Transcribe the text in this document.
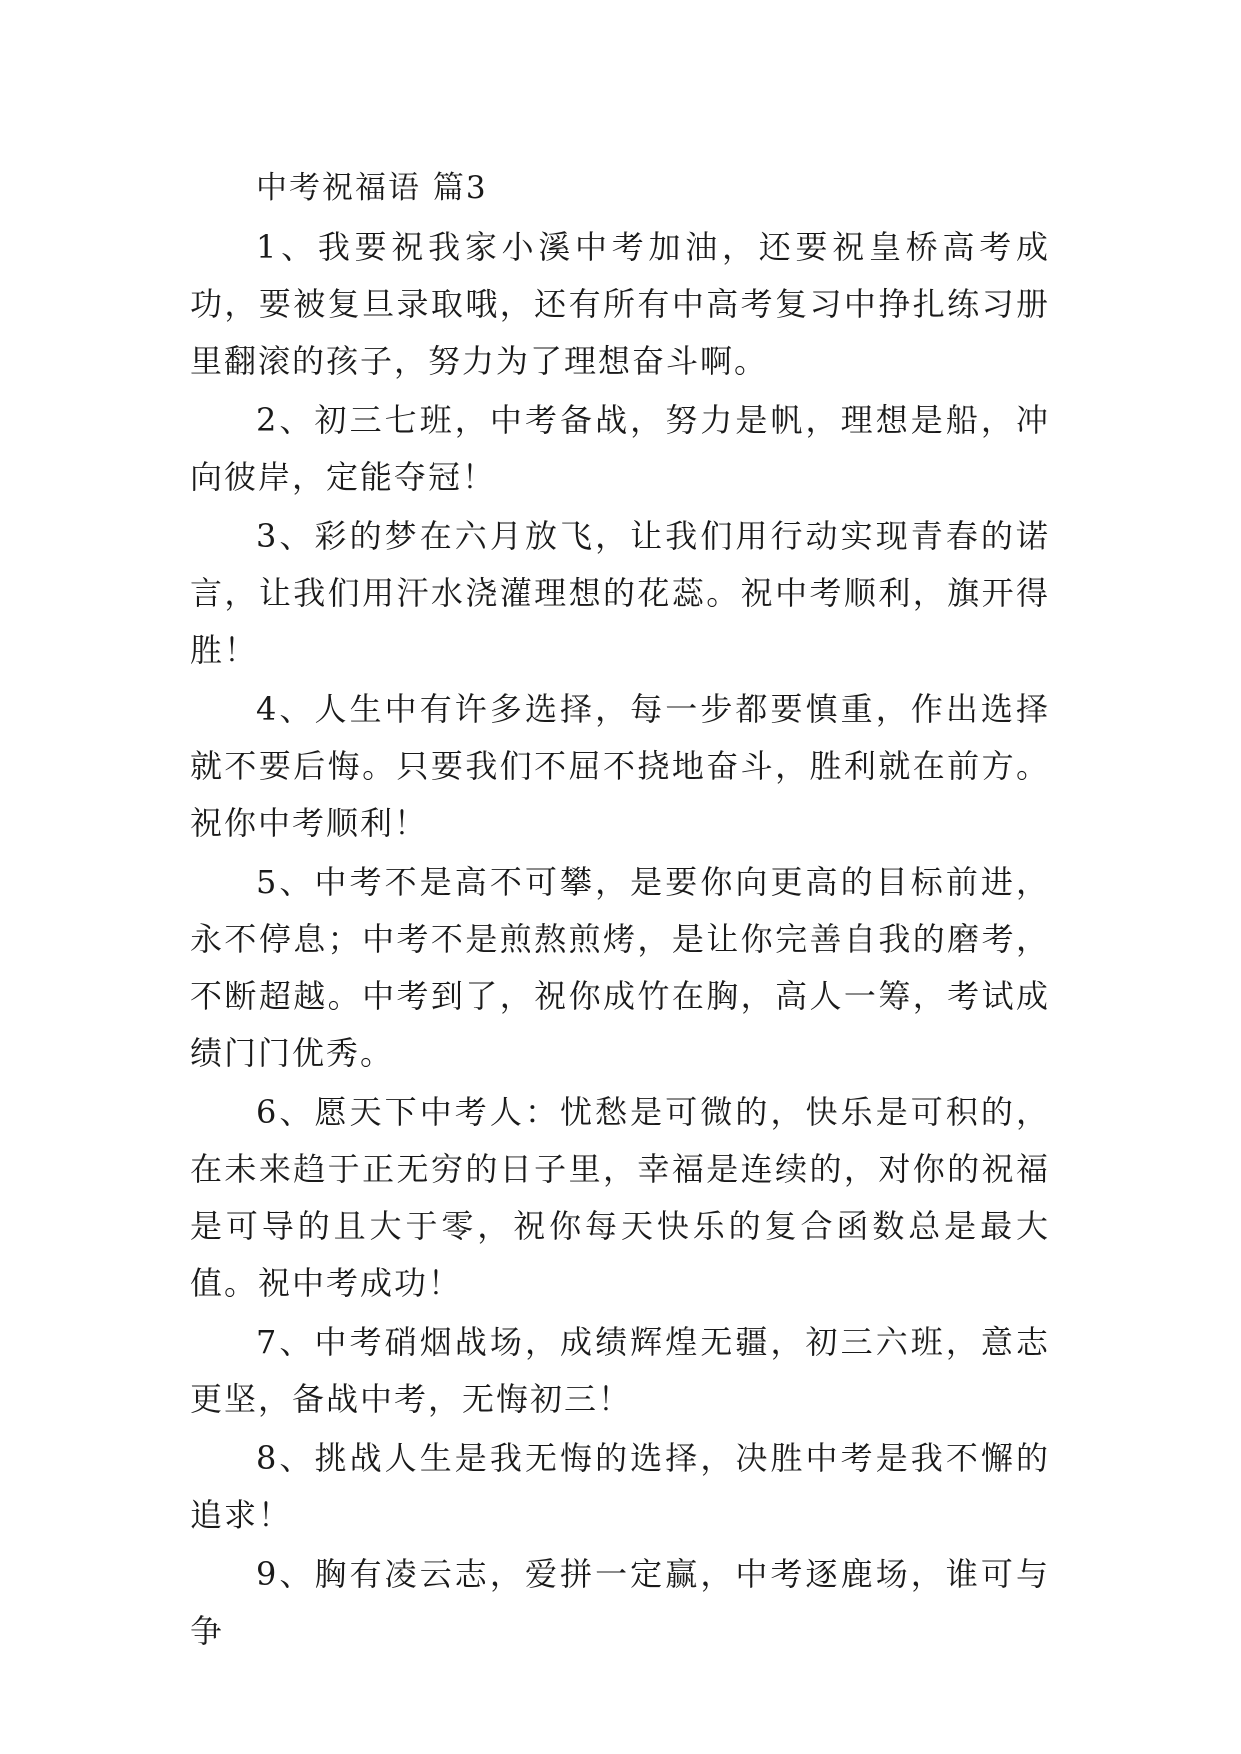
中考祝福语 篇3

1、我要祝我家小溪中考加油，还要祝皇桥高考成功，要被复旦录取哦，还有所有中高考复习中挣扎练习册里翻滚的孩子，努力为了理想奋斗啊。

2、初三七班，中考备战，努力是帆，理想是船，冲向彼岸，定能夺冠！

3、彩的梦在六月放飞，让我们用行动实现青春的诺言，让我们用汗水浇灌理想的花蕊。祝中考顺利，旗开得胜！

4、人生中有许多选择，每一步都要慎重，作出选择就不要后悔。只要我们不屈不挠地奋斗，胜利就在前方。祝你中考顺利！

5、中考不是高不可攀，是要你向更高的目标前进，永不停息；中考不是煎熬煎烤，是让你完善自我的磨考，不断超越。中考到了，祝你成竹在胸，高人一筹，考试成绩门门优秀。

6、愿天下中考人：忧愁是可微的，快乐是可积的，在未来趋于正无穷的日子里，幸福是连续的，对你的祝福是可导的且大于零，祝你每天快乐的复合函数总是最大值。祝中考成功！

7、中考硝烟战场，成绩辉煌无疆，初三六班，意志更坚，备战中考，无悔初三！

8、挑战人生是我无悔的选择，决胜中考是我不懈的追求！

9、胸有凌云志，爱拼一定赢，中考逐鹿场，谁可与争
